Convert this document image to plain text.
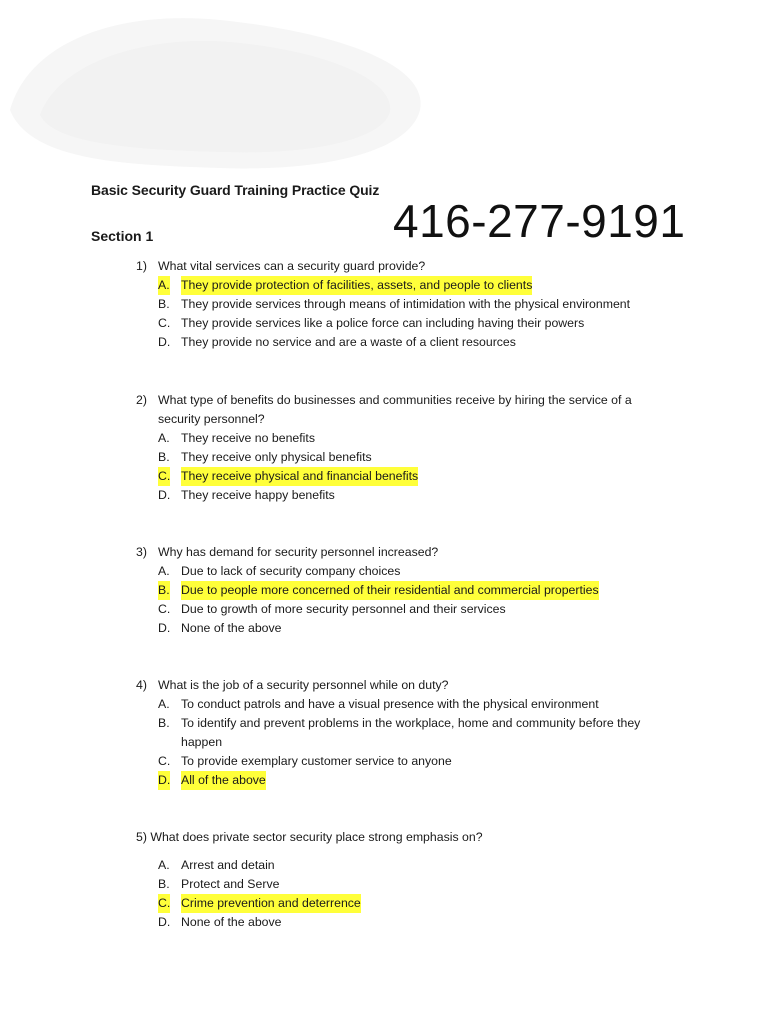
Basic Security Guard Training Practice Quiz
416-277-9191
Section 1
1) What vital services can a security guard provide?
A. They provide protection of facilities, assets, and people to clients
B. They provide services through means of intimidation with the physical environment
C. They provide services like a police force can including having their powers
D. They provide no service and are a waste of a client resources
2) What type of benefits do businesses and communities receive by hiring the service of a security personnel?
A. They receive no benefits
B. They receive only physical benefits
C. They receive physical and financial benefits
D. They receive happy benefits
3) Why has demand for security personnel increased?
A. Due to lack of security company choices
B. Due to people more concerned of their residential and commercial properties
C. Due to growth of more security personnel and their services
D. None of the above
4) What is the job of a security personnel while on duty?
A. To conduct patrols and have a visual presence with the physical environment
B. To identify and prevent problems in the workplace, home and community before they
happen
C. To provide exemplary customer service to anyone
D. All of the above
5) What does private sector security place strong emphasis on?
A. Arrest and detain
B. Protect and Serve
C. Crime prevention and deterrence
D. None of the above
